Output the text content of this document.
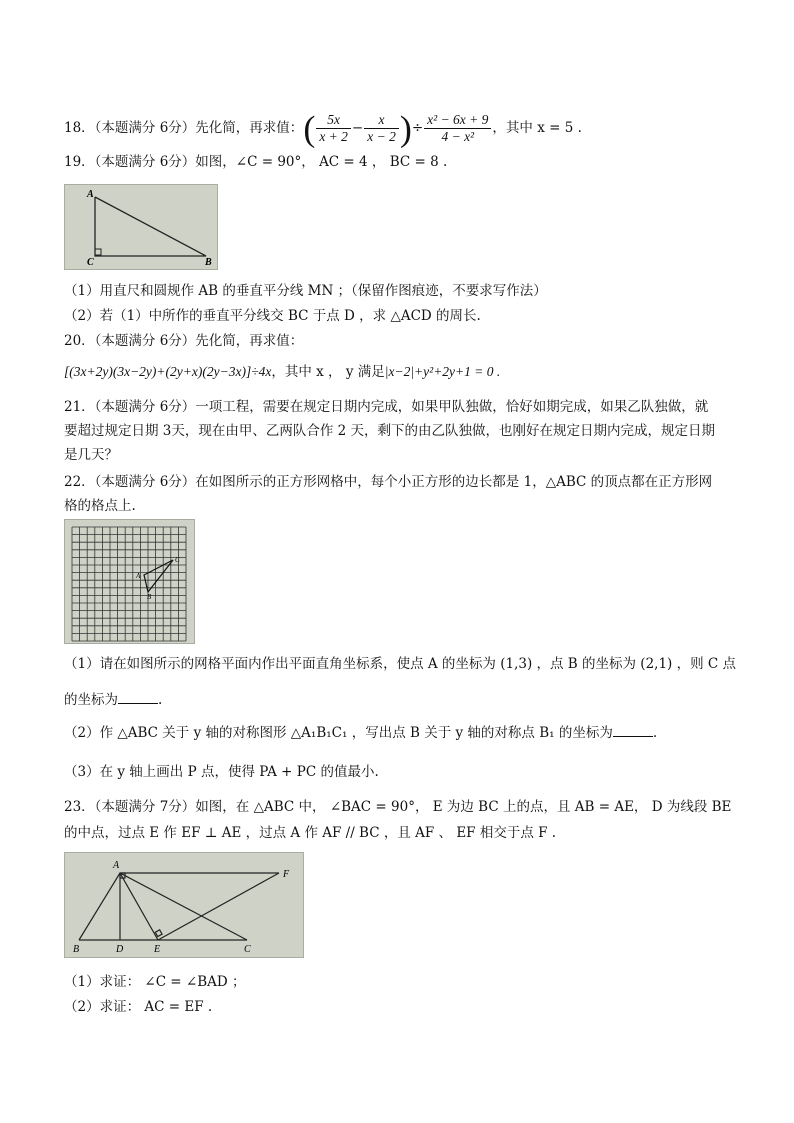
18．（本题满分 6分）先化简，再求值：( $\frac{5x}{x + 2} - \frac{x}{x - 2}$ )÷ $\frac{\text{x² − 6x + 9}}{\text{4 − x²}}$ ，其中 x = 5 .
19．（本题满分 6分）如图，∠C = 90°， AC = 4 ， BC = 8 .
A
C	B
（1）用直尺和圆规作 AB 的垂直平分线 MN ；（保留作图痕迹，不要求写作法）
（2）若（1）中所作的垂直平分线交 BC 于点 D ，求 △ACD 的周长.
20．（本题满分 6分）先化简，再求值：
[(3x+2y)(3x−2y)+(2y+x)(2y−3x)]÷4x，其中 x ， y 满足|x−2|+y²+2y+1 = 0 .
21．（本题满分 6分）一项工程，需要在规定日期内完成，如果甲队独做，恰好如期完成，如果乙队独做，就
要超过规定日期 3天，现在由甲、乙两队合作 2 天，剩下的由乙队独做，也刚好在规定日期内完成，规定日期
是几天？
22．（本题满分 6分）在如图所示的正方形网格中，每个小正方形的边长都是 1，△ABC 的顶点都在正方形网
格的格点上.
A
C
B
（1）请在如图所示的网格平面内作出平面直角坐标系，使点 A 的坐标为 (1,3) ，点 B 的坐标为 (2,1) ，则 C 点
的坐标为	.
（2）作 △ABC 关于 y 轴的对称图形 △A₁B₁C₁ ，写出点 B 关于 y 轴的对称点 B₁ 的坐标为	.
（3）在 y 轴上画出 P 点，使得 PA + PC 的值最小.
23．（本题满分 7分）如图，在 △ABC 中， ∠BAC = 90°， E 为边 BC 上的点，且 AB = AE， D 为线段 BE
的中点，过点 E 作 EF ⊥ AE ，过点 A 作 AF // BC ，且 AF 、 EF 相交于点 F .
A
B	D	E	C
F
（1）求证： ∠C = ∠BAD ；
（2）求证： AC = EF .
